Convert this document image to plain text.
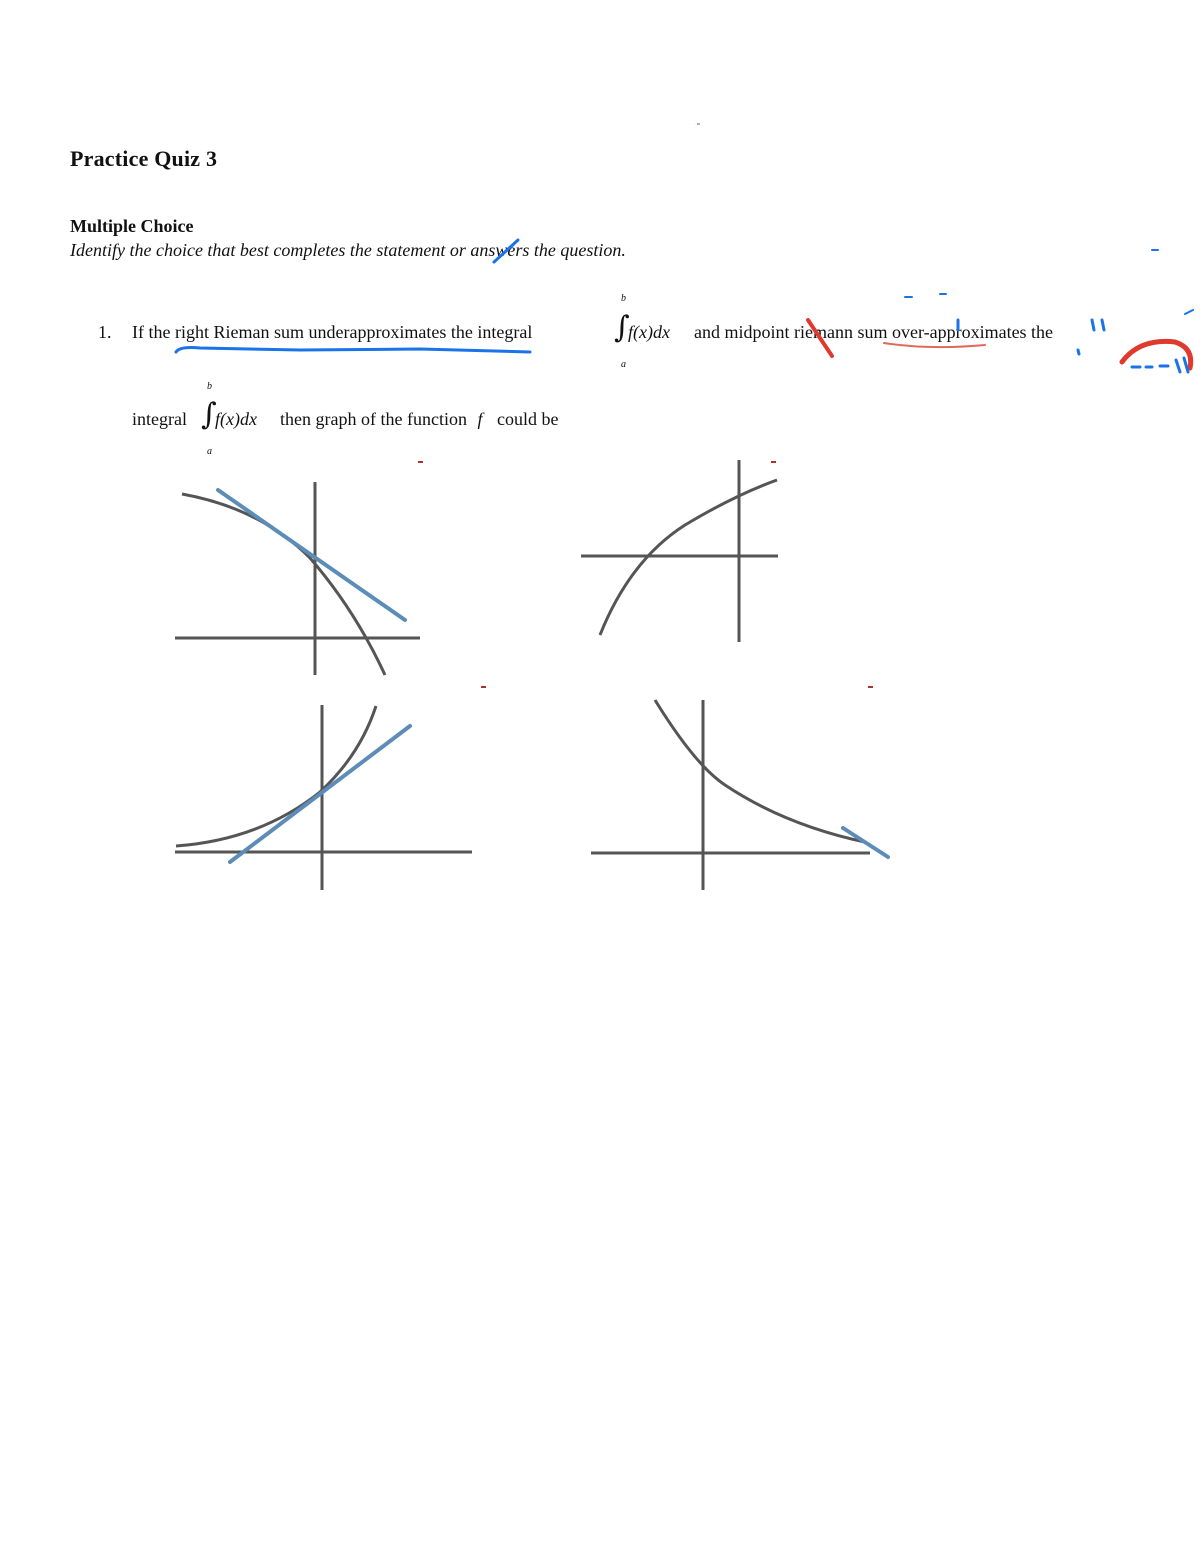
Practice Quiz 3
Multiple Choice
Identify the choice that best completes the statement or answers the question.
1. If the right Rieman sum underapproximates the integral
b
∫
f(x)dx
a
and midpoint riemann sum over-approximates the
integral
b
∫
f(x)dx
a
then graph of the function f could be
